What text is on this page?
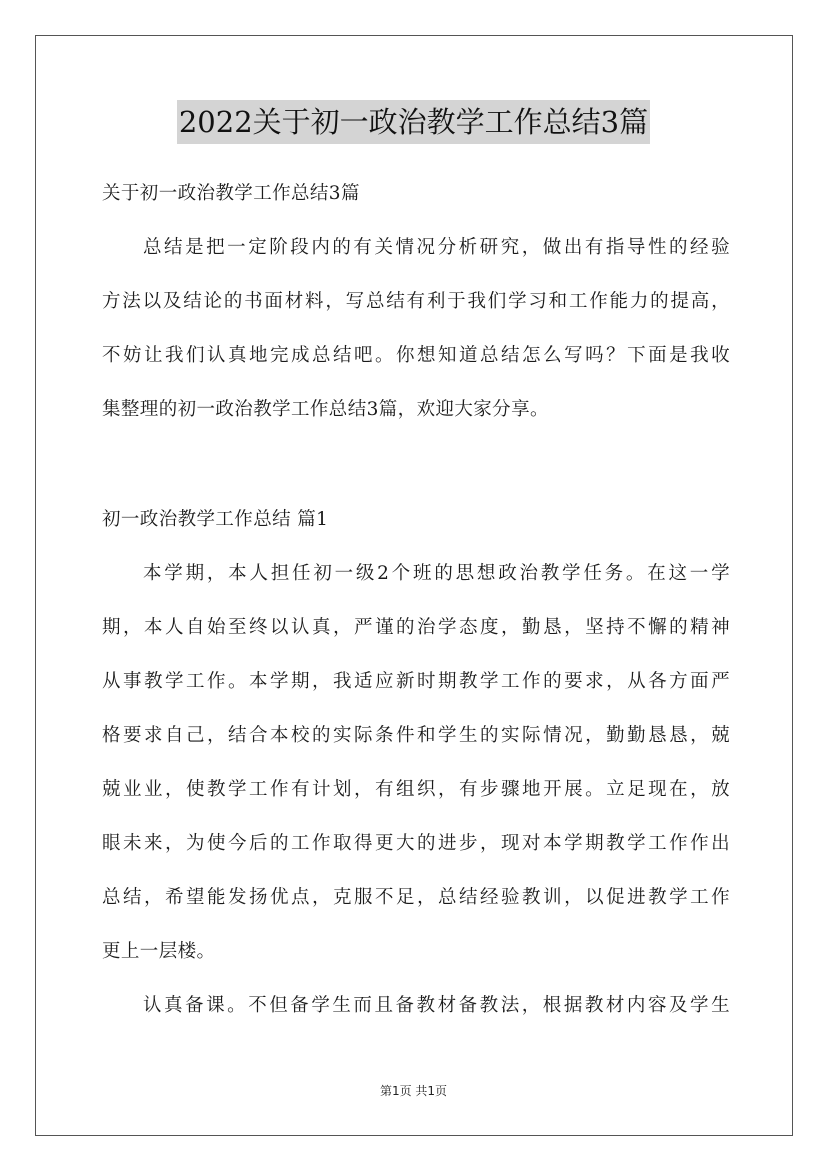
2022关于初一政治教学工作总结3篇
关于初一政治教学工作总结3篇
总结是把一定阶段内的有关情况分析研究，做出有指导性的经验
方法以及结论的书面材料，写总结有利于我们学习和工作能力的提高，
不妨让我们认真地完成总结吧。你想知道总结怎么写吗？下面是我收
集整理的初一政治教学工作总结3篇，欢迎大家分享。
初一政治教学工作总结 篇1
本学期，本人担任初一级2个班的思想政治教学任务。在这一学
期，本人自始至终以认真，严谨的治学态度，勤恳，坚持不懈的精神
从事教学工作。本学期，我适应新时期教学工作的要求，从各方面严
格要求自己，结合本校的实际条件和学生的实际情况，勤勤恳恳，兢
兢业业，使教学工作有计划，有组织，有步骤地开展。立足现在，放
眼未来，为使今后的工作取得更大的进步，现对本学期教学工作作出
总结，希望能发扬优点，克服不足，总结经验教训，以促进教学工作
更上一层楼。
认真备课。不但备学生而且备教材备教法，根据教材内容及学生
第1页 共1页
